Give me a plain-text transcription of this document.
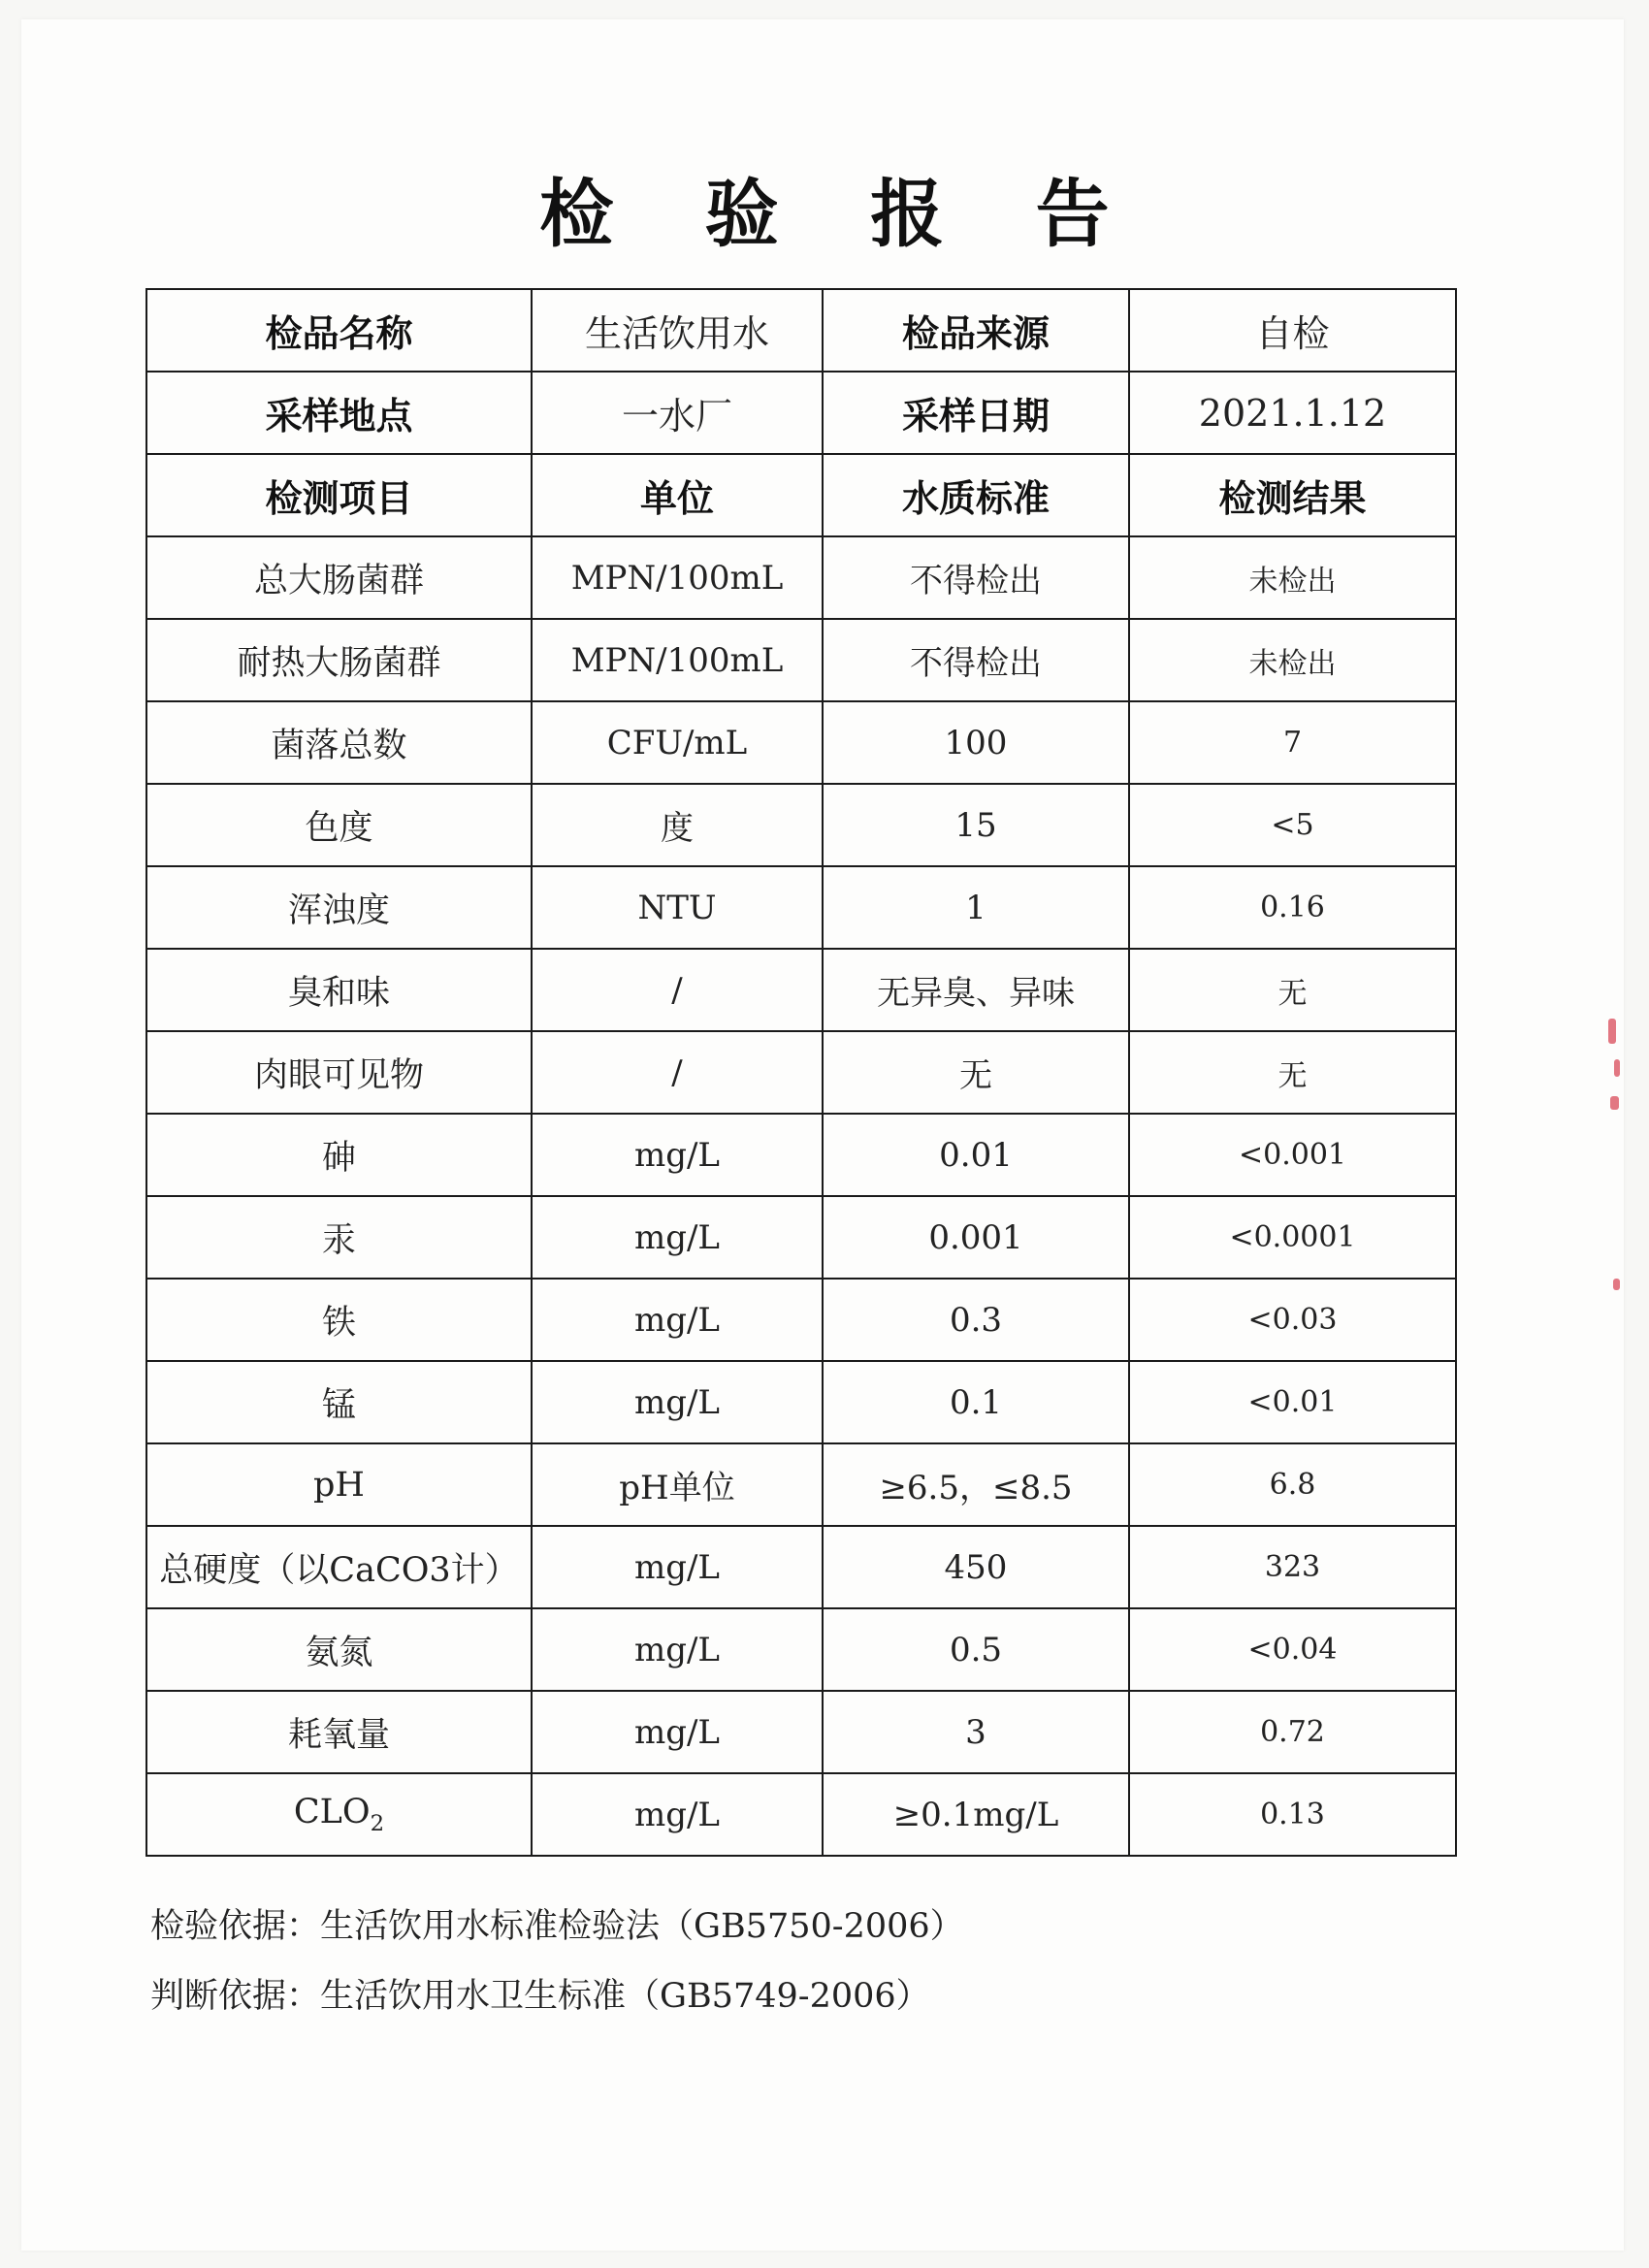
检 验 报 告
检品名称	生活饮用水	检品来源	自检
采样地点	一水厂	采样日期	2021.1.12
检测项目	单位	水质标准	检测结果
总大肠菌群	MPN/100mL	不得检出	未检出
耐热大肠菌群	MPN/100mL	不得检出	未检出
菌落总数	CFU/mL	100	7
色度	度	15	<5
浑浊度	NTU	1	0.16
臭和味	/	无异臭、异味	无
肉眼可见物	/	无	无
砷	mg/L	0.01	<0.001
汞	mg/L	0.001	<0.0001
铁	mg/L	0.3	<0.03
锰	mg/L	0.1	<0.01
pH	pH单位	≥6.5，≤8.5	6.8
总硬度（以CaCO3计）	mg/L	450	323
氨氮	mg/L	0.5	<0.04
耗氧量	mg/L	3	0.72
$CLO_2$	mg/L	≥0.1mg/L	0.13
检验依据：生活饮用水标准检验法（GB5750-2006）
判断依据：生活饮用水卫生标准（GB5749-2006）
